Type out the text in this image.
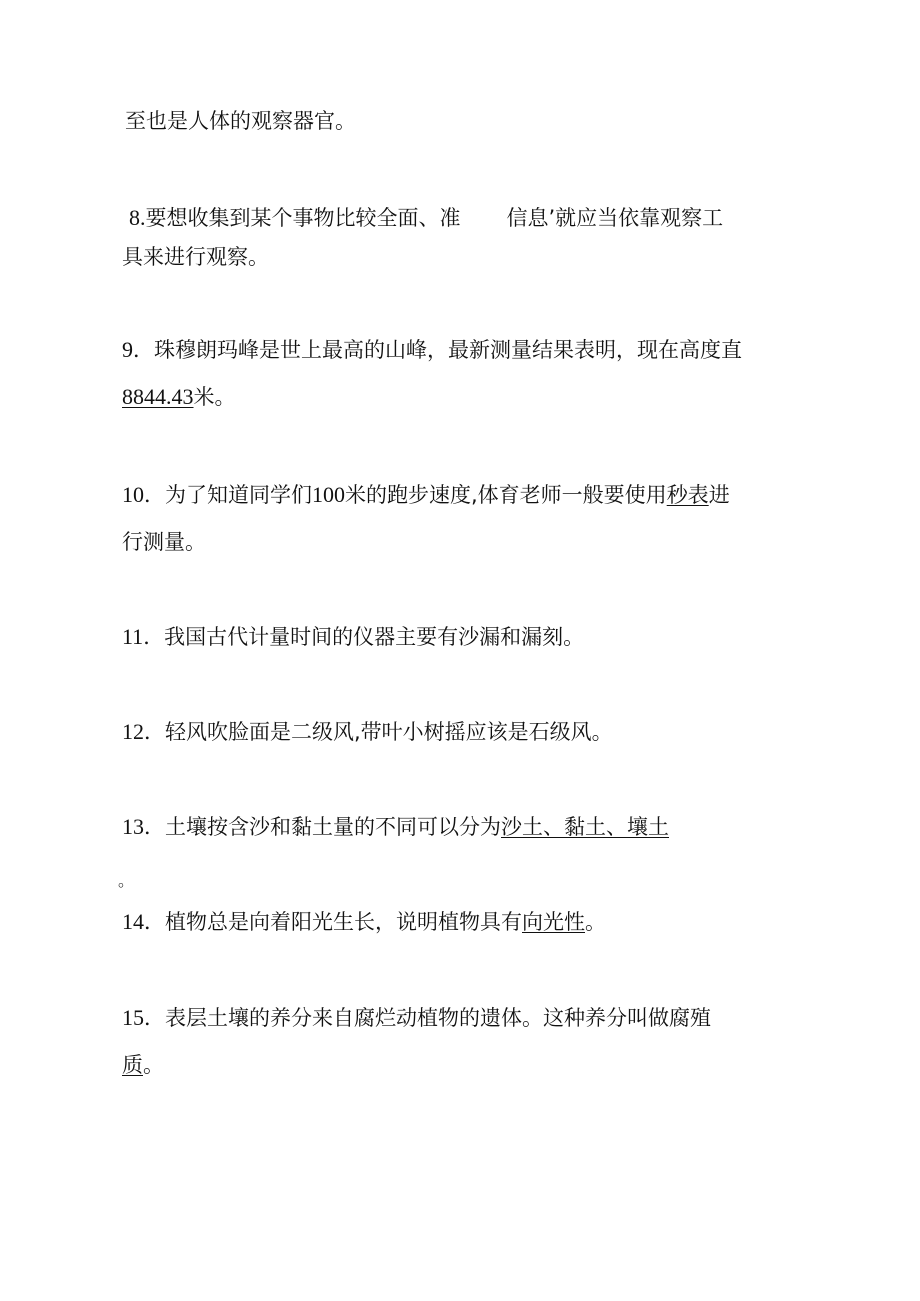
至也是人体的观察器官。
8.要想收集到某个事物比较全面、准 信息’就应当依靠观察工
具来进行观察。
9．珠穆朗玛峰是世上最高的山峰，最新测量结果表明，现在高度直
8844.43米。
10．为了知道同学们100米的跑步速度,体育老师一般要使用秒表进
行测量。
11．我国古代计量时间的仪器主要有沙漏和漏刻。
12．轻风吹脸面是二级风,带叶小树摇应该是石级风。
13．土壤按含沙和黏土量的不同可以分为沙土、黏土、壤土
。
14．植物总是向着阳光生长，说明植物具有向光性。
15．表层土壤的养分来自腐烂动植物的遗体。这种养分叫做腐殖
质。
